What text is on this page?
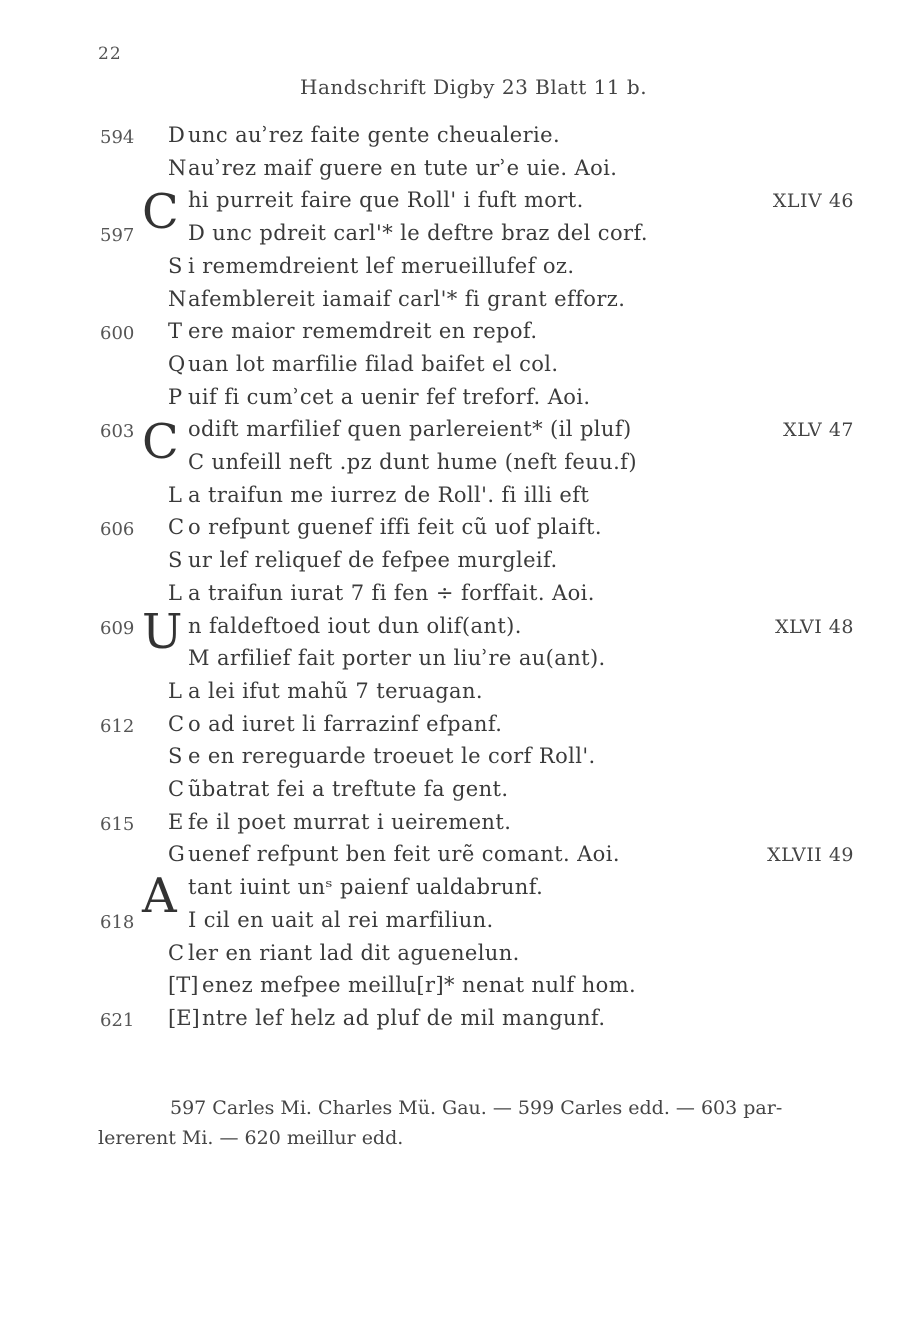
22
Handschrift Digby 23 Blatt 11 b.
594 D unc auʾrez faite gente cheualerie.
N auʾrez maif guere en tute urʾe uie. Aoi.
hi purreit faire que Roll' i fuft mort.	XLIV 46
597	D unc pdreit carl'* le deftre braz del corf.
S i rememdreient lef merueillufef oz.
N afemblereit iamaif carl'* fi grant efforz.
600 T ere maior rememdreit en repof.
Q uan lot marfilie filad baifet el col.
P uif fi cumʾcet a uenir fef treforf. Aoi.
603	odift marfilief quen parlereient* (il pluf)	XLV 47
C unfeill neft .pz dunt hume (neft feuu.f)
L a traifun me iurrez de Roll'. fi illi eft
606 C o refpunt guenef iffi feit cũ uof plaift.
S ur lef reliquef de fefpee murgleif.
L a traifun iurat 7 fi fen ÷ forffait. Aoi.
609	n faldeftoed iout dun olif(ant).	XLVI 48
M arfilief fait porter un liuʾre au(ant).
L a lei ifut mahũ 7 teruagan.
612 C o ad iuret li farrazinf efpanf.
S e en rereguarde troeuet le corf Roll'.
C ũbatrat fei a treftute fa gent.
615 E fe il poet murrat i ueirement.
G uenef refpunt ben feit urẽ comant. Aoi.	XLVII 49
tant iuint unˢ paienf ualdabrunf.
618	I cil en uait al rei marfiliun.
C ler en riant lad dit aguenelun.
[T] enez mefpee meillu[r]* nenat nulf hom.
621 [E] ntre lef helz ad pluf de mil mangunf.
C
C
U
A
597 Carles Mi. Charles Mü. Gau. — 599 Carles edd. — 603 par-
lererent Mi. — 620 meillur edd.
